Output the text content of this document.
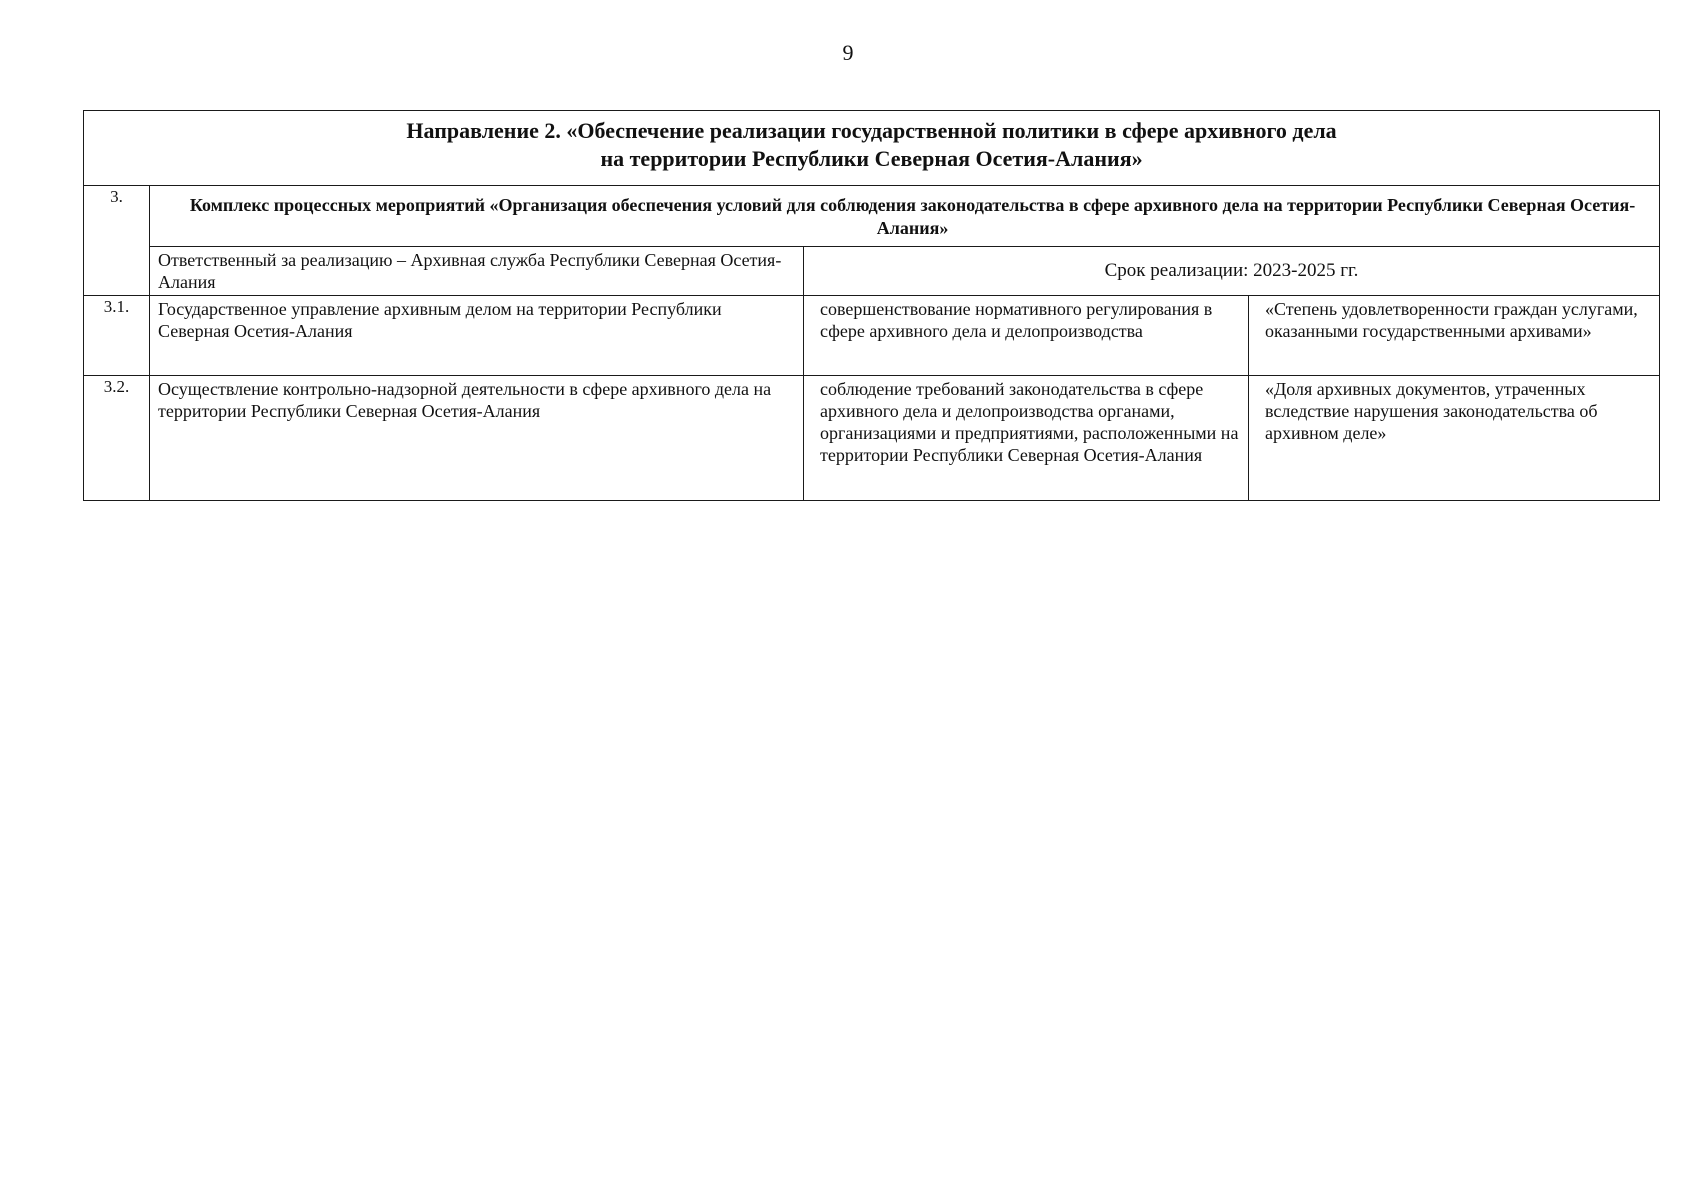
9
Направление 2. «Обеспечение реализации государственной политики в сфере архивного дела
на территории Республики Северная Осетия-Алания»			

3.	Комплекс процессных мероприятий «Организация обеспечения условий для соблюдения законодательства в сфере архивного дела на территории Республики Северная Осетия-Алания»		
	Ответственный за реализацию – Архивная служба Республики Северная Осетия-Алания	Срок реализации: 2023-2025 гг.	
3.1.	Государственное управление архивным делом на территории Республики Северная Осетия-Алания	совершенствование нормативного регулирования в сфере архивного дела и делопроизводства	«Степень удовлетворенности граждан услугами, оказанными государственными архивами»
3.2.	Осуществление контрольно-надзорной деятельности в сфере архивного дела на территории Республики Северная Осетия-Алания	соблюдение требований законодательства в сфере архивного дела и делопроизводства органами, организациями и предприятиями, расположенными на территории Республики Северная Осетия-Алания	«Доля архивных документов, утраченных вследствие нарушения законодательства об архивном деле»
